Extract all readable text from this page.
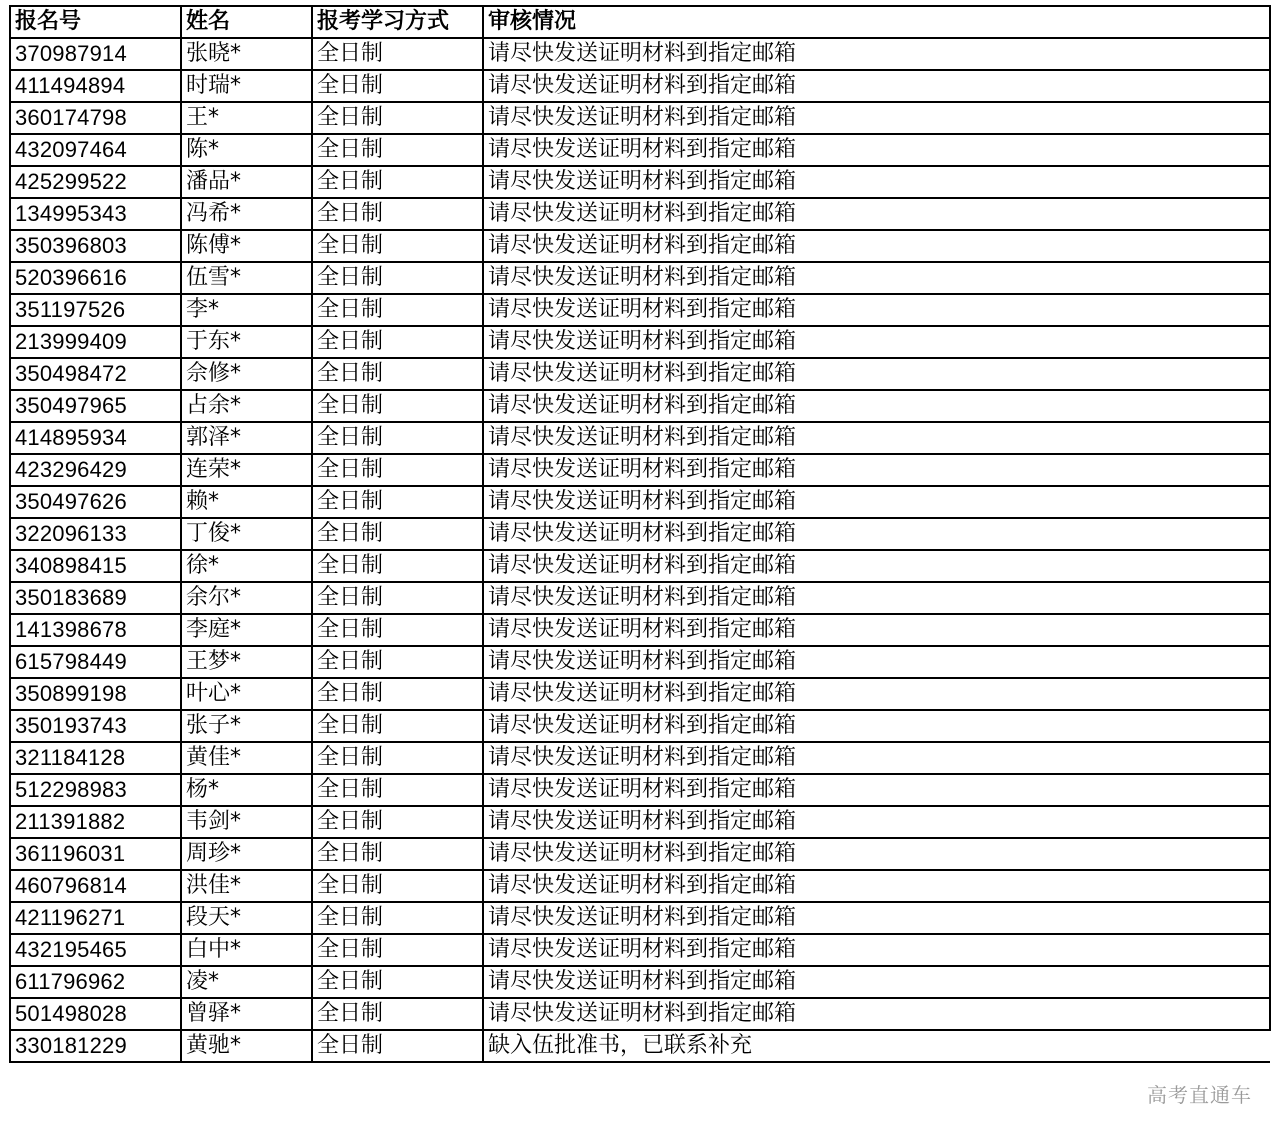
报名号	姓名	报考学习方式	审核情况
370987914	张晓*	全日制	请尽快发送证明材料到指定邮箱
411494894	时瑞*	全日制	请尽快发送证明材料到指定邮箱
360174798	王*	全日制	请尽快发送证明材料到指定邮箱
432097464	陈*	全日制	请尽快发送证明材料到指定邮箱
425299522	潘品*	全日制	请尽快发送证明材料到指定邮箱
134995343	冯希*	全日制	请尽快发送证明材料到指定邮箱
350396803	陈傅*	全日制	请尽快发送证明材料到指定邮箱
520396616	伍雪*	全日制	请尽快发送证明材料到指定邮箱
351197526	李*	全日制	请尽快发送证明材料到指定邮箱
213999409	于东*	全日制	请尽快发送证明材料到指定邮箱
350498472	佘修*	全日制	请尽快发送证明材料到指定邮箱
350497965	占余*	全日制	请尽快发送证明材料到指定邮箱
414895934	郭泽*	全日制	请尽快发送证明材料到指定邮箱
423296429	连荣*	全日制	请尽快发送证明材料到指定邮箱
350497626	赖*	全日制	请尽快发送证明材料到指定邮箱
322096133	丁俊*	全日制	请尽快发送证明材料到指定邮箱
340898415	徐*	全日制	请尽快发送证明材料到指定邮箱
350183689	余尔*	全日制	请尽快发送证明材料到指定邮箱
141398678	李庭*	全日制	请尽快发送证明材料到指定邮箱
615798449	王梦*	全日制	请尽快发送证明材料到指定邮箱
350899198	叶心*	全日制	请尽快发送证明材料到指定邮箱
350193743	张子*	全日制	请尽快发送证明材料到指定邮箱
321184128	黄佳*	全日制	请尽快发送证明材料到指定邮箱
512298983	杨*	全日制	请尽快发送证明材料到指定邮箱
211391882	韦剑*	全日制	请尽快发送证明材料到指定邮箱
361196031	周珍*	全日制	请尽快发送证明材料到指定邮箱
460796814	洪佳*	全日制	请尽快发送证明材料到指定邮箱
421196271	段天*	全日制	请尽快发送证明材料到指定邮箱
432195465	白中*	全日制	请尽快发送证明材料到指定邮箱
611796962	凌*	全日制	请尽快发送证明材料到指定邮箱
501498028	曾驿*	全日制	请尽快发送证明材料到指定邮箱
330181229	黄驰*	全日制	缺入伍批准书，已联系补充
高考直通车
